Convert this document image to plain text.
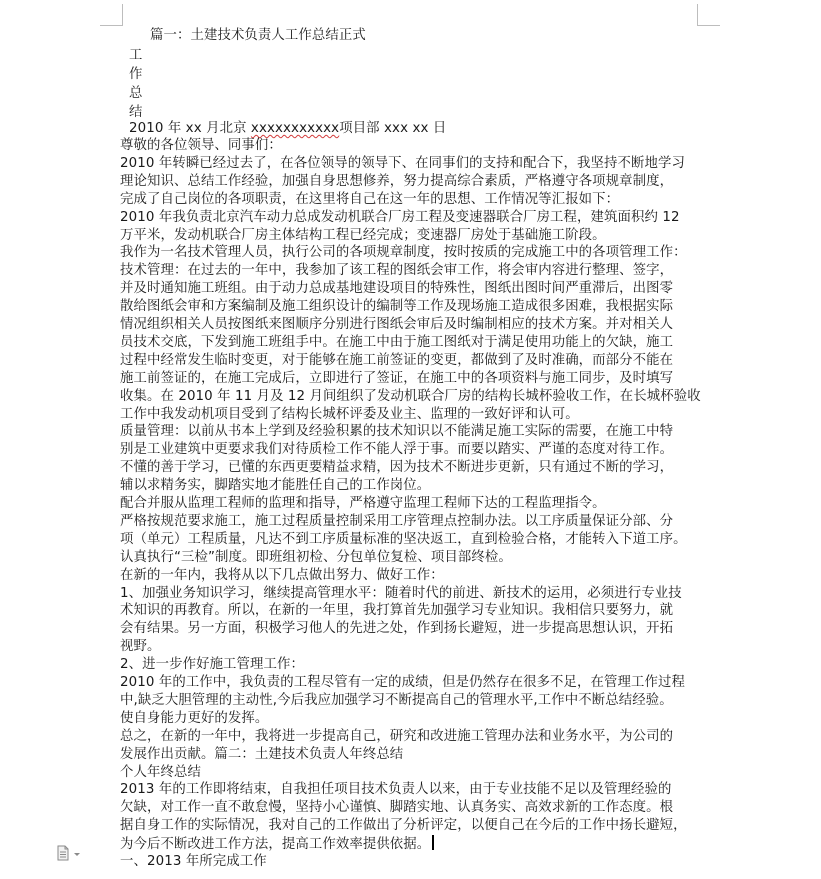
篇一：土建技术负责人工作总结正式
工
作
总
结
2010 年 xx 月北京 xxxxxxxxxxx项目部 xxx xx 日
尊敬的各位领导、同事们：
2010 年转瞬已经过去了，在各位领导的领导下、在同事们的支持和配合下，我坚持不断地学习
理论知识、总结工作经验，加强自身思想修养，努力提高综合素质，严格遵守各项规章制度，
完成了自己岗位的各项职责，在这里将自己在这一年的思想、工作情况等汇报如下：
2010 年我负责北京汽车动力总成发动机联合厂房工程及变速器联合厂房工程，建筑面积约 12
万平米，发动机联合厂房主体结构工程已经完成；变速器厂房处于基础施工阶段。
我作为一名技术管理人员，执行公司的各项规章制度，按时按质的完成施工中的各项管理工作：
技术管理：在过去的一年中，我参加了该工程的图纸会审工作，将会审内容进行整理、签字，
并及时通知施工班组。由于动力总成基地建设项目的特殊性，图纸出图时间严重滞后，出图零
散给图纸会审和方案编制及施工组织设计的编制等工作及现场施工造成很多困难，我根据实际
情况组织相关人员按图纸来图顺序分别进行图纸会审后及时编制相应的技术方案。并对相关人
员技术交底，下发到施工班组手中。在施工中由于施工图纸对于满足使用功能上的欠缺，施工
过程中经常发生临时变更，对于能够在施工前签证的变更，都做到了及时准确，而部分不能在
施工前签证的，在施工完成后，立即进行了签证，在施工中的各项资料与施工同步，及时填写
收集。在 2010 年 11 月及 12 月间组织了发动机联合厂房的结构长城杯验收工作，在长城杯验收
工作中我发动机项目受到了结构长城杯评委及业主、监理的一致好评和认可。
质量管理：以前从书本上学到及经验积累的技术知识以不能满足施工实际的需要，在施工中特
别是工业建筑中更要求我们对待质检工作不能人浮于事。而要以踏实、严谨的态度对待工作。
不懂的善于学习，已懂的东西更要精益求精，因为技术不断进步更新，只有通过不断的学习，
辅以求精务实，脚踏实地才能胜任自己的工作岗位。
配合并服从监理工程师的监理和指导，严格遵守监理工程师下达的工程监理指令。
严格按规范要求施工，施工过程质量控制采用工序管理点控制办法。以工序质量保证分部、分
项（单元）工程质量，凡达不到工序质量标准的坚决返工，直到检验合格，才能转入下道工序。
认真执行“三检”制度。即班组初检、分包单位复检、项目部终检。
在新的一年内，我将从以下几点做出努力、做好工作：
1、加强业务知识学习，继续提高管理水平：随着时代的前进、新技术的运用，必须进行专业技
术知识的再教育。所以，在新的一年里，我打算首先加强学习专业知识。我相信只要努力，就
会有结果。另一方面，积极学习他人的先进之处，作到扬长避短，进一步提高思想认识，开拓
视野。
2、进一步作好施工管理工作：
2010 年的工作中，我负责的工程尽管有一定的成绩，但是仍然存在很多不足，在管理工作过程
中,缺乏大胆管理的主动性,今后我应加强学习不断提高自己的管理水平,工作中不断总结经验。
使自身能力更好的发挥。
总之，在新的一年中，我将进一步提高自己，研究和改进施工管理办法和业务水平，为公司的
发展作出贡献。篇二：土建技术负责人年终总结
个人年终总结
2013 年的工作即将结束，自我担任项目技术负责人以来，由于专业技能不足以及管理经验的
欠缺，对工作一直不敢怠慢，坚持小心谨慎、脚踏实地、认真务实、高效求新的工作态度。根
据自身工作的实际情况，我对自己的工作做出了分析评定，以便自己在今后的工作中扬长避短，
为今后不断改进工作方法，提高工作效率提供依据。
一、2013 年所完成工作
